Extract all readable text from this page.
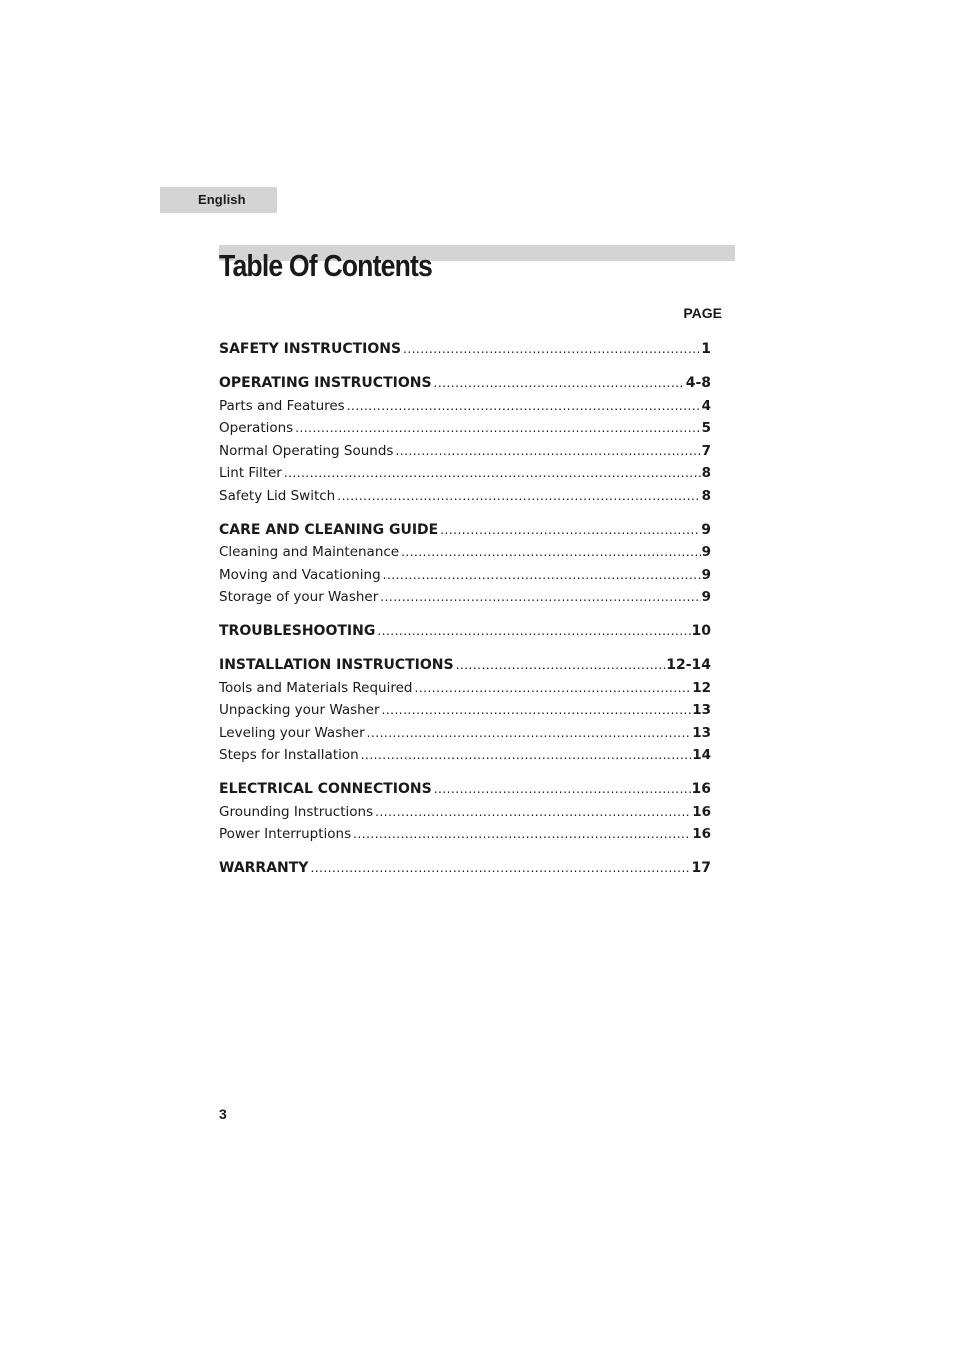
English
Table Of Contents
PAGE
SAFETY INSTRUCTIONS .....	1
OPERATING INSTRUCTIONS .....	4-8
Parts and Features .....	4
Operations .....	5
Normal Operating Sounds .....	7
Lint Filter .....	8
Safety Lid Switch .....	8
CARE AND CLEANING GUIDE .....	9
Cleaning and Maintenance .....	9
Moving and Vacationing .....	9
Storage of your Washer .....	9
TROUBLESHOOTING .....	10
INSTALLATION INSTRUCTIONS .....	12-14
Tools and Materials Required .....	12
Unpacking your Washer .....	13
Leveling your Washer .....	13
Steps for Installation .....	14
ELECTRICAL CONNECTIONS .....	16
Grounding Instructions .....	16
Power Interruptions .....	16
WARRANTY .....	17
3
